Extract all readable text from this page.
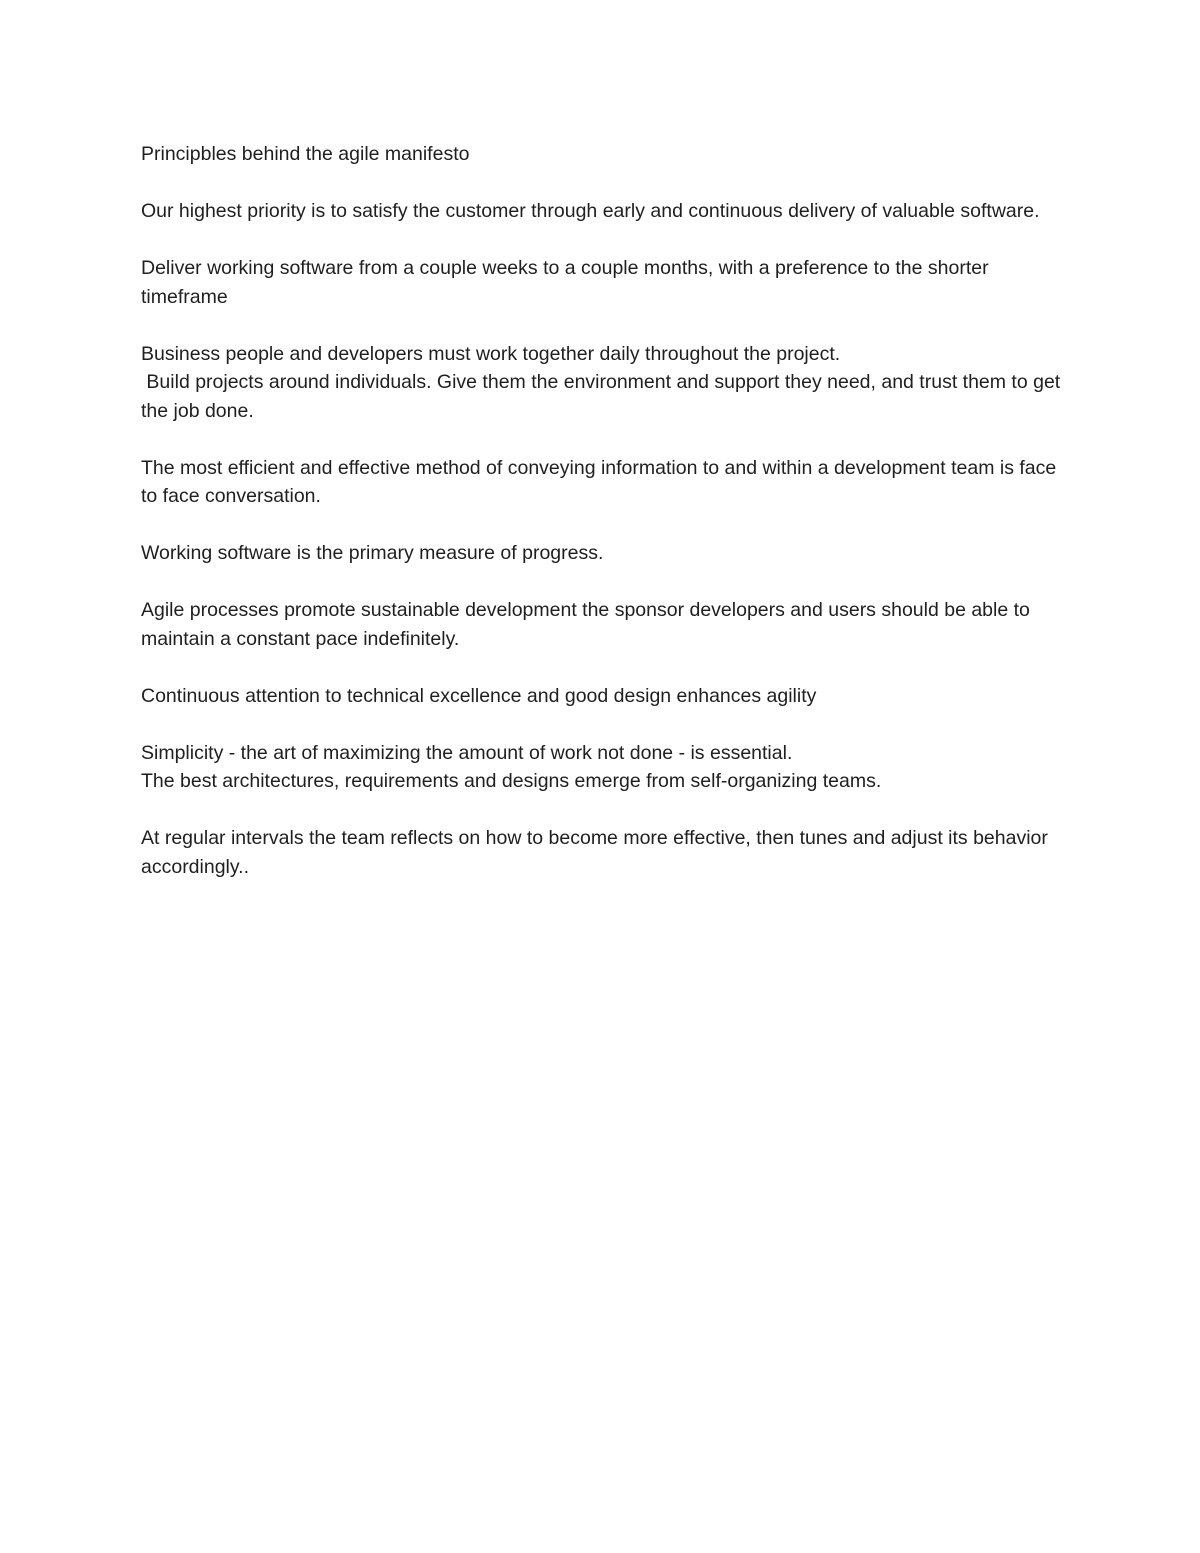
Principbles behind the agile manifesto

Our highest priority is to satisfy the customer through early and continuous delivery of valuable software.

Deliver working software from a couple weeks to a couple months, with a preference to the shorter timeframe

Business people and developers must work together daily throughout the project.

Build projects around individuals. Give them the environment and support they need, and trust them to get the job done.

The most efficient and effective method of conveying information to and within a development team is face to face conversation.

Working software is the primary measure of progress.

Agile processes promote sustainable development the sponsor developers and users should be able to maintain a constant pace indefinitely.

Continuous attention to technical excellence and good design enhances agility

Simplicity - the art of maximizing the amount of work not done - is essential.

The best architectures, requirements and designs emerge from self-organizing teams.

At regular intervals the team reflects on how to become more effective, then tunes and adjust its behavior accordingly..
